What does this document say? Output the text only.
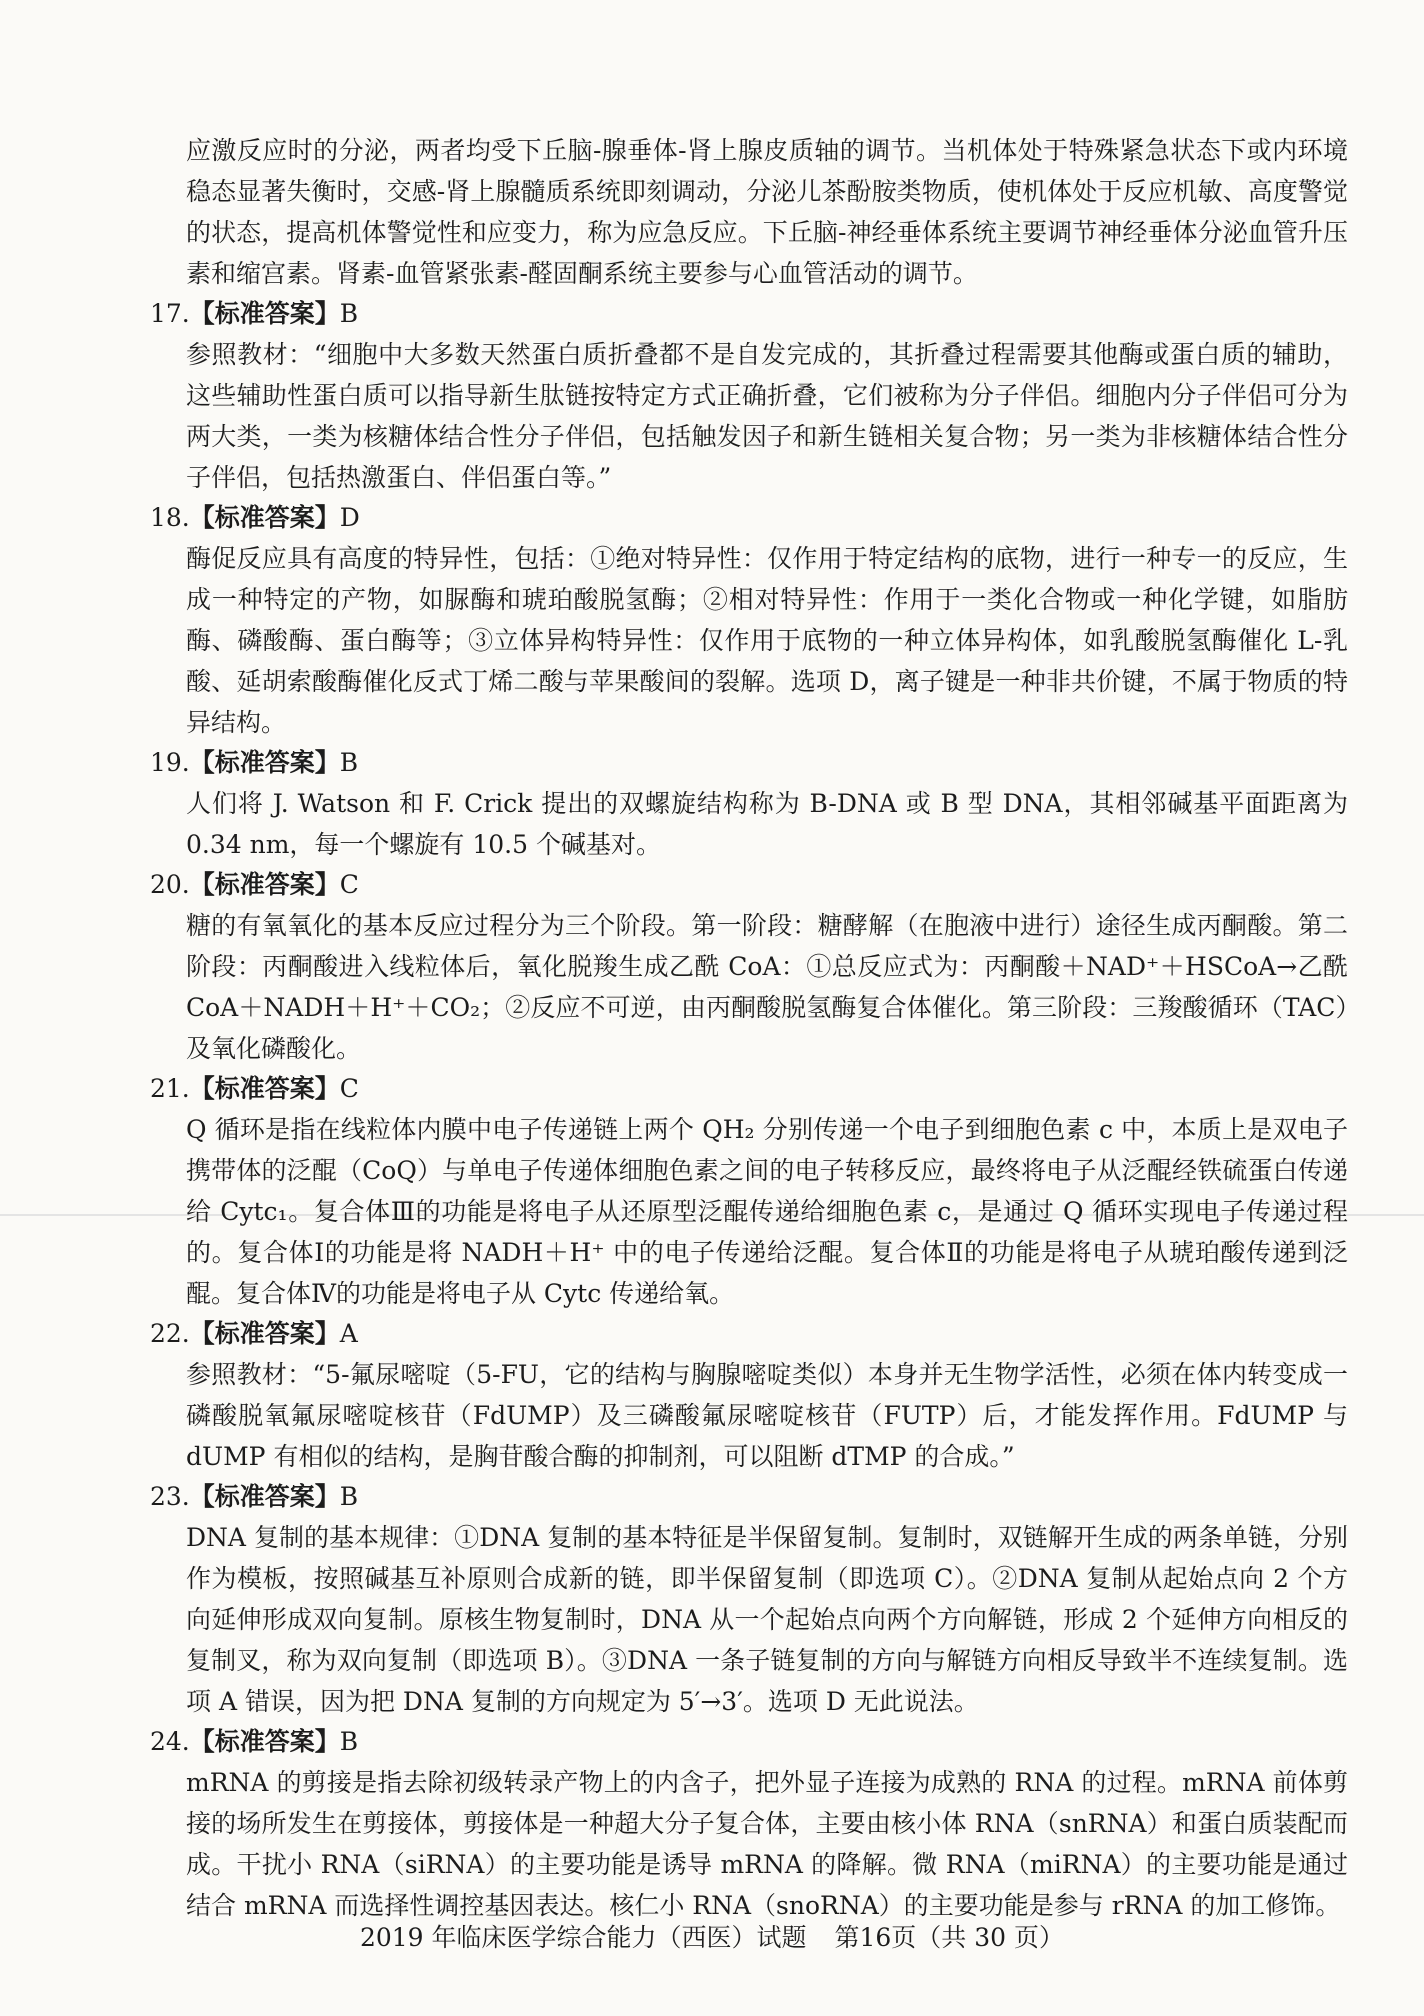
应激反应时的分泌，两者均受下丘脑-腺垂体-肾上腺皮质轴的调节。当机体处于特殊紧急状态下或内环境稳态显著失衡时，交感-肾上腺髓质系统即刻调动，分泌儿茶酚胺类物质，使机体处于反应机敏、高度警觉的状态，提高机体警觉性和应变力，称为应急反应。下丘脑-神经垂体系统主要调节神经垂体分泌血管升压素和缩宫素。肾素-血管紧张素-醛固酮系统主要参与心血管活动的调节。

17.【标准答案】B

参照教材：“细胞中大多数天然蛋白质折叠都不是自发完成的，其折叠过程需要其他酶或蛋白质的辅助，这些辅助性蛋白质可以指导新生肽链按特定方式正确折叠，它们被称为分子伴侣。细胞内分子伴侣可分为两大类，一类为核糖体结合性分子伴侣，包括触发因子和新生链相关复合物；另一类为非核糖体结合性分子伴侣，包括热激蛋白、伴侣蛋白等。”

18.【标准答案】D

酶促反应具有高度的特异性，包括：①绝对特异性：仅作用于特定结构的底物，进行一种专一的反应，生成一种特定的产物，如脲酶和琥珀酸脱氢酶；②相对特异性：作用于一类化合物或一种化学键，如脂肪酶、磷酸酶、蛋白酶等；③立体异构特异性：仅作用于底物的一种立体异构体，如乳酸脱氢酶催化 L-乳酸、延胡索酸酶催化反式丁烯二酸与苹果酸间的裂解。选项 D，离子键是一种非共价键，不属于物质的特异结构。

19.【标准答案】B

人们将 J. Watson 和 F. Crick 提出的双螺旋结构称为 B-DNA 或 B 型 DNA，其相邻碱基平面距离为 0.34 nm，每一个螺旋有 10.5 个碱基对。

20.【标准答案】C

糖的有氧氧化的基本反应过程分为三个阶段。第一阶段：糖酵解（在胞液中进行）途径生成丙酮酸。第二阶段：丙酮酸进入线粒体后，氧化脱羧生成乙酰 CoA：①总反应式为：丙酮酸＋NAD⁺＋HSCoA→乙酰 CoA＋NADH＋H⁺＋CO₂；②反应不可逆，由丙酮酸脱氢酶复合体催化。第三阶段：三羧酸循环（TAC）及氧化磷酸化。

21.【标准答案】C

Q 循环是指在线粒体内膜中电子传递链上两个 QH₂ 分别传递一个电子到细胞色素 c 中，本质上是双电子携带体的泛醌（CoQ）与单电子传递体细胞色素之间的电子转移反应，最终将电子从泛醌经铁硫蛋白传递给 Cytc₁。复合体Ⅲ的功能是将电子从还原型泛醌传递给细胞色素 c，是通过 Q 循环实现电子传递过程的。复合体Ⅰ的功能是将 NADH＋H⁺ 中的电子传递给泛醌。复合体Ⅱ的功能是将电子从琥珀酸传递到泛醌。复合体Ⅳ的功能是将电子从 Cytc 传递给氧。

22.【标准答案】A

参照教材：“5-氟尿嘧啶（5-FU，它的结构与胸腺嘧啶类似）本身并无生物学活性，必须在体内转变成一磷酸脱氧氟尿嘧啶核苷（FdUMP）及三磷酸氟尿嘧啶核苷（FUTP）后，才能发挥作用。FdUMP 与 dUMP 有相似的结构，是胸苷酸合酶的抑制剂，可以阻断 dTMP 的合成。”

23.【标准答案】B

DNA 复制的基本规律：①DNA 复制的基本特征是半保留复制。复制时，双链解开生成的两条单链，分别作为模板，按照碱基互补原则合成新的链，即半保留复制（即选项 C）。②DNA 复制从起始点向 2 个方向延伸形成双向复制。原核生物复制时，DNA 从一个起始点向两个方向解链，形成 2 个延伸方向相反的复制叉，称为双向复制（即选项 B）。③DNA 一条子链复制的方向与解链方向相反导致半不连续复制。选项 A 错误，因为把 DNA 复制的方向规定为 5′→3′。选项 D 无此说法。

24.【标准答案】B

mRNA 的剪接是指去除初级转录产物上的内含子，把外显子连接为成熟的 RNA 的过程。mRNA 前体剪接的场所发生在剪接体，剪接体是一种超大分子复合体，主要由核小体 RNA（snRNA）和蛋白质装配而成。干扰小 RNA（siRNA）的主要功能是诱导 mRNA 的降解。微 RNA（miRNA）的主要功能是通过结合 mRNA 而选择性调控基因表达。核仁小 RNA（snoRNA）的主要功能是参与 rRNA 的加工修饰。

2019 年临床医学综合能力（西医）试题 第16页（共 30 页）
